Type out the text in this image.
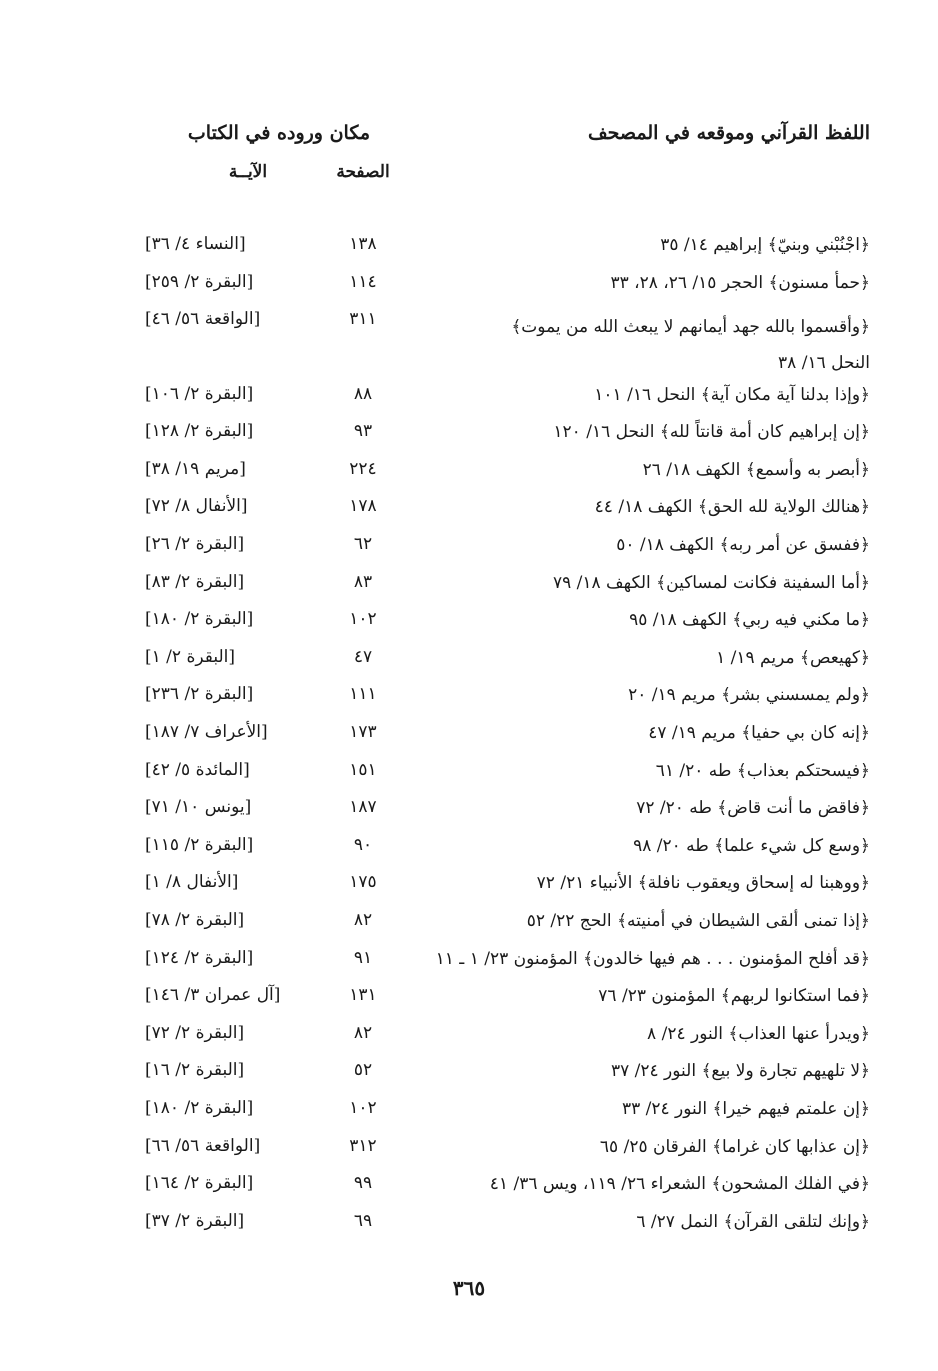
اللفظ القرآني وموقعه في المصحف
مكان وروده في الكتاب
الصفحة
الآيــة
﴿اجْنُبْني وبنيّ﴾ إبراهيم ١٤/ ٣٥
١٣٨
[النساء ٤/ ٣٦]
﴿حمأ مسنون﴾ الحجر ١٥/ ٢٦، ٢٨، ٣٣
١١٤
[البقرة ٢/ ٢٥٩]
﴿وأقسموا بالله جهد أيمانهم لا يبعث الله من يموت﴾ النحل ١٦/ ٣٨
٣١١
[الواقعة ٥٦/ ٤٦]
﴿وإذا بدلنا آية مكان آية﴾ النحل ١٦/ ١٠١
٨٨
[البقرة ٢/ ١٠٦]
﴿إن إبراهيم كان أمة قانتاً لله﴾ النحل ١٦/ ١٢٠
٩٣
[البقرة ٢/ ١٢٨]
﴿أبصر به وأسمع﴾ الكهف ١٨/ ٢٦
٢٢٤
[مريم ١٩/ ٣٨]
﴿هنالك الولاية لله الحق﴾ الكهف ١٨/ ٤٤
١٧٨
[الأنفال ٨/ ٧٢]
﴿ففسق عن أمر ربه﴾ الكهف ١٨/ ٥٠
٦٢
[البقرة ٢/ ٢٦]
﴿أما السفينة فكانت لمساكين﴾ الكهف ١٨/ ٧٩
٨٣
[البقرة ٢/ ٨٣]
﴿ما مكني فيه ربي﴾ الكهف ١٨/ ٩٥
١٠٢
[البقرة ٢/ ١٨٠]
﴿كهيعص﴾ مريم ١٩/ ١
٤٧
[البقرة ٢/ ١]
﴿ولم يمسسني بشر﴾ مريم ١٩/ ٢٠
١١١
[البقرة ٢/ ٢٣٦]
﴿إنه كان بي حفيا﴾ مريم ١٩/ ٤٧
١٧٣
[الأعراف ٧/ ١٨٧]
﴿فيسحتكم بعذاب﴾ طه ٢٠/ ٦١
١٥١
[المائدة ٥/ ٤٢]
﴿فاقض ما أنت قاض﴾ طه ٢٠/ ٧٢
١٨٧
[يونس ١٠/ ٧١]
﴿وسع كل شيء علما﴾ طه ٢٠/ ٩٨
٩٠
[البقرة ٢/ ١١٥]
﴿ووهبنا له إسحاق ويعقوب نافلة﴾ الأنبياء ٢١/ ٧٢
١٧٥
[الأنفال ٨/ ١]
﴿إذا تمنى ألقى الشيطان في أمنيته﴾ الحج ٢٢/ ٥٢
٨٢
[البقرة ٢/ ٧٨]
﴿قد أفلح المؤمنون . . . هم فيها خالدون﴾ المؤمنون ٢٣/ ١ ـ ١١
٩١
[البقرة ٢/ ١٢٤]
﴿فما استكانوا لربهم﴾ المؤمنون ٢٣/ ٧٦
١٣١
[آل عمران ٣/ ١٤٦]
﴿ويدرأ عنها العذاب﴾ النور ٢٤/ ٨
٨٢
[البقرة ٢/ ٧٢]
﴿لا تلهيهم تجارة ولا بيع﴾ النور ٢٤/ ٣٧
٥٢
[البقرة ٢/ ١٦]
﴿إن علمتم فيهم خيرا﴾ النور ٢٤/ ٣٣
١٠٢
[البقرة ٢/ ١٨٠]
﴿إن عذابها كان غراما﴾ الفرقان ٢٥/ ٦٥
٣١٢
[الواقعة ٥٦/ ٦٦]
﴿في الفلك المشحون﴾ الشعراء ٢٦/ ١١٩، ويس ٣٦/ ٤١
٩٩
[البقرة ٢/ ١٦٤]
﴿وإنك لتلقى القرآن﴾ النمل ٢٧/ ٦
٦٩
[البقرة ٢/ ٣٧]
٣٦٥
